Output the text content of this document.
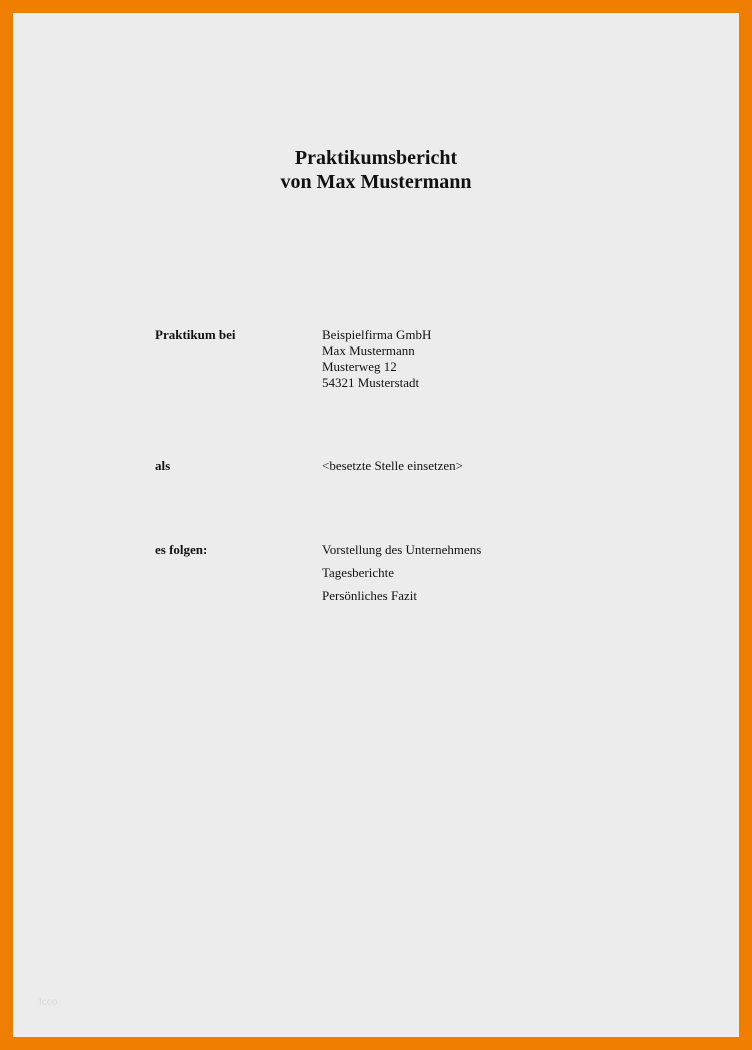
Praktikumsbericht
von Max Mustermann
Praktikum bei	Beispielfirma GmbH
Max Mustermann
Musterweg 12
54321 Musterstadt
als	<besetzte Stelle einsetzen>
es folgen:	Vorstellung des Unternehmens
Tagesberichte
Persönliches Fazit
fcco
